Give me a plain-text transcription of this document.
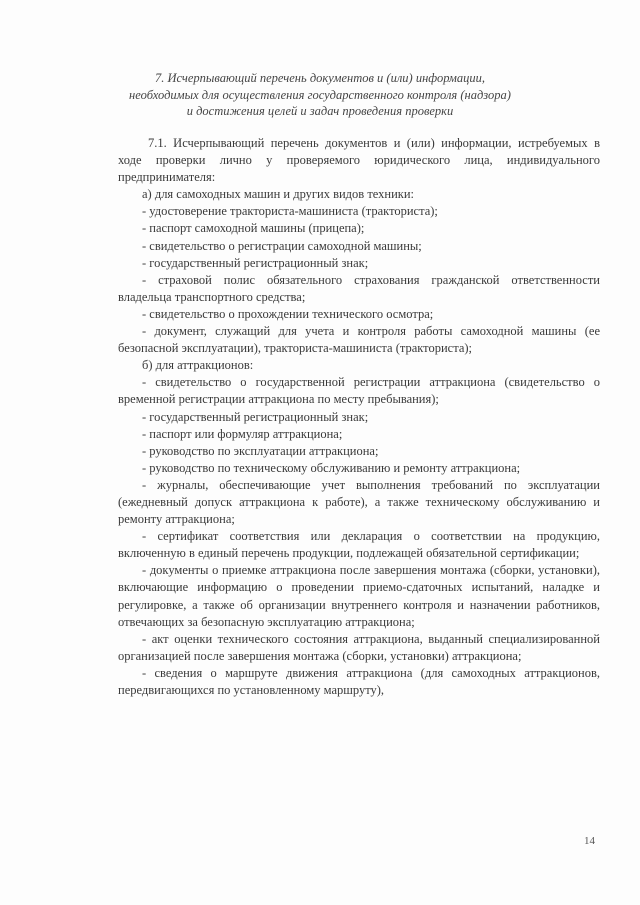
7. Исчерпывающий перечень документов и (или) информации,
необходимых для осуществления государственного контроля (надзора)
и достижения целей и задач проведения проверки

7.1. Исчерпывающий перечень документов и (или) информации, истребуемых в ходе проверки лично у проверяемого юридического лица, индивидуального предпринимателя:

а) для самоходных машин и других видов техники:

- удостоверение тракториста-машиниста (тракториста);

- паспорт самоходной машины (прицепа);

- свидетельство о регистрации самоходной машины;

- государственный регистрационный знак;

- страховой полис обязательного страхования гражданской ответственности владельца транспортного средства;

- свидетельство о прохождении технического осмотра;

- документ, служащий для учета и контроля работы самоходной машины (ее безопасной эксплуатации), тракториста-машиниста (тракториста);

б) для аттракционов:

- свидетельство о государственной регистрации аттракциона (свидетельство о временной регистрации аттракциона по месту пребывания);

- государственный регистрационный знак;

- паспорт или формуляр аттракциона;

- руководство по эксплуатации аттракциона;

- руководство по техническому обслуживанию и ремонту аттракциона;

- журналы, обеспечивающие учет выполнения требований по эксплуатации (ежедневный допуск аттракциона к работе), а также техническому обслуживанию и ремонту аттракциона;

- сертификат соответствия или декларация о соответствии на продукцию, включенную в единый перечень продукции, подлежащей обязательной сертификации;

- документы о приемке аттракциона после завершения монтажа (сборки, установки), включающие информацию о проведении приемо-сдаточных испытаний, наладке и регулировке, а также об организации внутреннего контроля и назначении работников, отвечающих за безопасную эксплуатацию аттракциона;

- акт оценки технического состояния аттракциона, выданный специализированной организацией после завершения монтажа (сборки, установки) аттракциона;

- сведения о маршруте движения аттракциона (для самоходных аттракционов, передвигающихся по установленному маршруту),

14
